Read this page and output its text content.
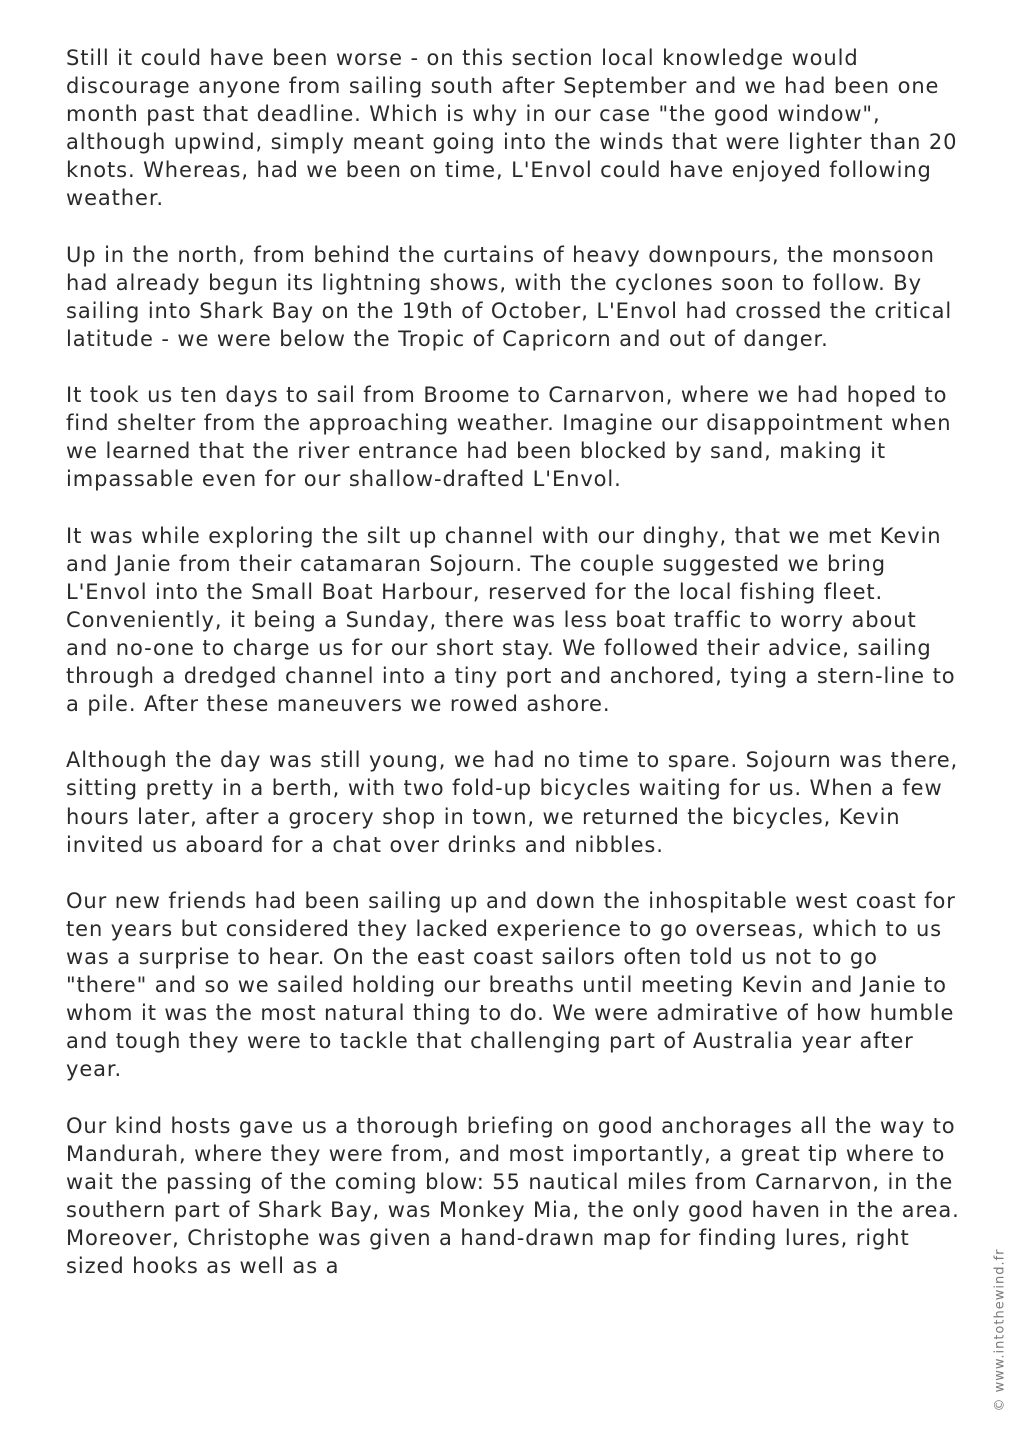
Still it could have been worse - on this section local knowledge would discourage anyone from sailing south after September and we had been one month past that deadline. Which is why in our case "the good window", although upwind, simply meant going into the winds that were lighter than 20 knots. Whereas, had we been on time, L'Envol could have enjoyed following weather.

Up in the north, from behind the curtains of heavy downpours, the monsoon had already begun its lightning shows, with the cyclones soon to follow. By sailing into Shark Bay on the 19th of October, L'Envol had crossed the critical latitude - we were below the Tropic of Capricorn and out of danger.

It took us ten days to sail from Broome to Carnarvon, where we had hoped to find shelter from the approaching weather. Imagine our disappointment when we learned that the river entrance had been blocked by sand, making it impassable even for our shallow-drafted L'Envol.

It was while exploring the silt up channel with our dinghy, that we met Kevin and Janie from their catamaran Sojourn. The couple suggested we bring L'Envol into the Small Boat Harbour, reserved for the local fishing fleet. Conveniently, it being a Sunday, there was less boat traffic to worry about and no-one to charge us for our short stay. We followed their advice, sailing through a dredged channel into a tiny port and anchored, tying a stern-line to a pile. After these maneuvers we rowed ashore.

Although the day was still young, we had no time to spare. Sojourn was there, sitting pretty in a berth, with two fold-up bicycles waiting for us. When a few hours later, after a grocery shop in town, we returned the bicycles, Kevin invited us aboard for a chat over drinks and nibbles.

Our new friends had been sailing up and down the inhospitable west coast for ten years but considered they lacked experience to go overseas, which to us was a surprise to hear. On the east coast sailors often told us not to go "there" and so we sailed holding our breaths until meeting Kevin and Janie to whom it was the most natural thing to do. We were admirative of how humble and tough they were to tackle that challenging part of Australia year after year.

Our kind hosts gave us a thorough briefing on good anchorages all the way to Mandurah, where they were from, and most importantly, a great tip where to wait the passing of the coming blow: 55 nautical miles from Carnarvon, in the southern part of Shark Bay, was Monkey Mia, the only good haven in the area. Moreover, Christophe was given a hand-drawn map for finding lures, right sized hooks as well as a	© www.intothewind.fr
